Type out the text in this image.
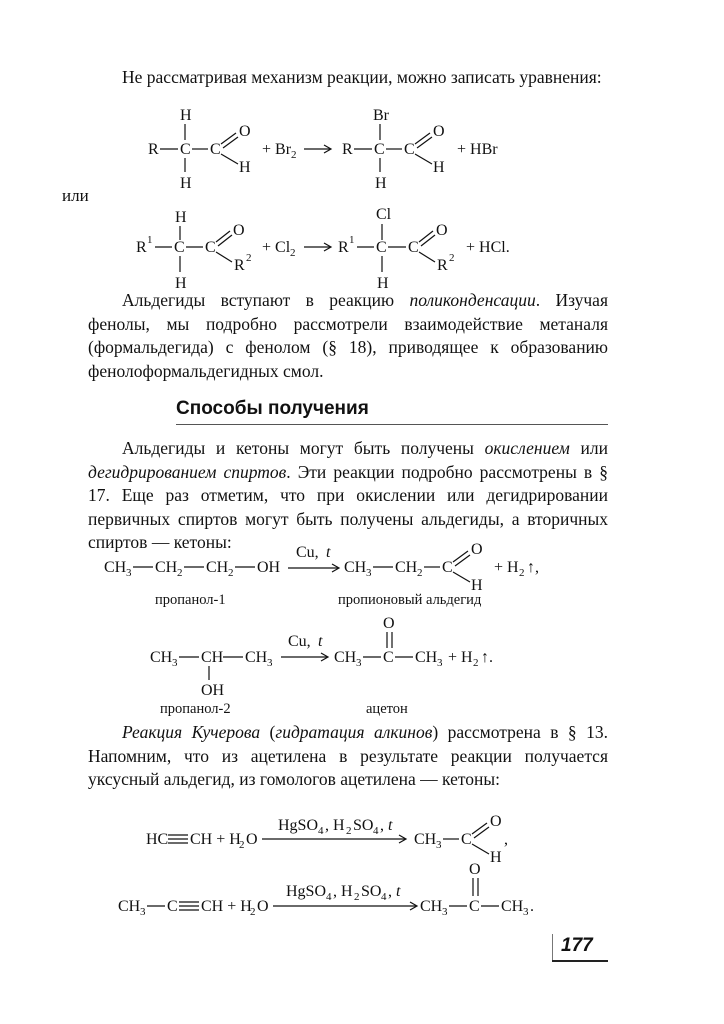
Не рассматривая механизм реакции, можно записать уравнения:

H
R C C
H
O
H
+ Br 2	R C
Br
C
H
O
H
+ HBr
или
H
R 1 C C
H
O
R 2
+ Cl 2	R 1 C
Cl
C
H
O
R 2
+ HCl.

Альдегиды вступают в реакцию поликонденсации. Изучая фенолы, мы подробно рассмотрели взаимодействие метаналя (формальдегида) с фенолом (§ 18), приводящее к образованию фенолоформальдегидных смол.

Способы получения

Альдегиды и кетоны могут быть получены окислением или дегидрированием спиртов. Эти реакции подробно рассмотрены в § 17. Еще раз отметим, что при окислении или дегидрировании первичных спиртов могут быть получены альдегиды, а вторичных спиртов — кетоны:

CH 3 CH 2 CH 2 OH
Cu, t
CH 3 CH 2 C
O
H
+ H 2 ↑,
пропанол-1	пропионовый альдегид
CH 3 CH
OH
CH 3
Cu, t
CH 3 C
O
CH 3 + H 2 ↑.
пропанол-2	ацетон

Реакция Кучерова (гидратация алкинов) рассмотрена в § 13. Напомним, что из ацетилена в результате реакции получается уксусный альдегид, из гомологов ацетилена — кетоны:

HC CH + H
2 O
HgSO 4 , H 2 SO 4 , t
CH 3 C
O
H
,
CH 3 C CH + H
2 O
HgSO 4 , H 2 SO 4 , t
CH 3 C
O
CH 3 .
177
